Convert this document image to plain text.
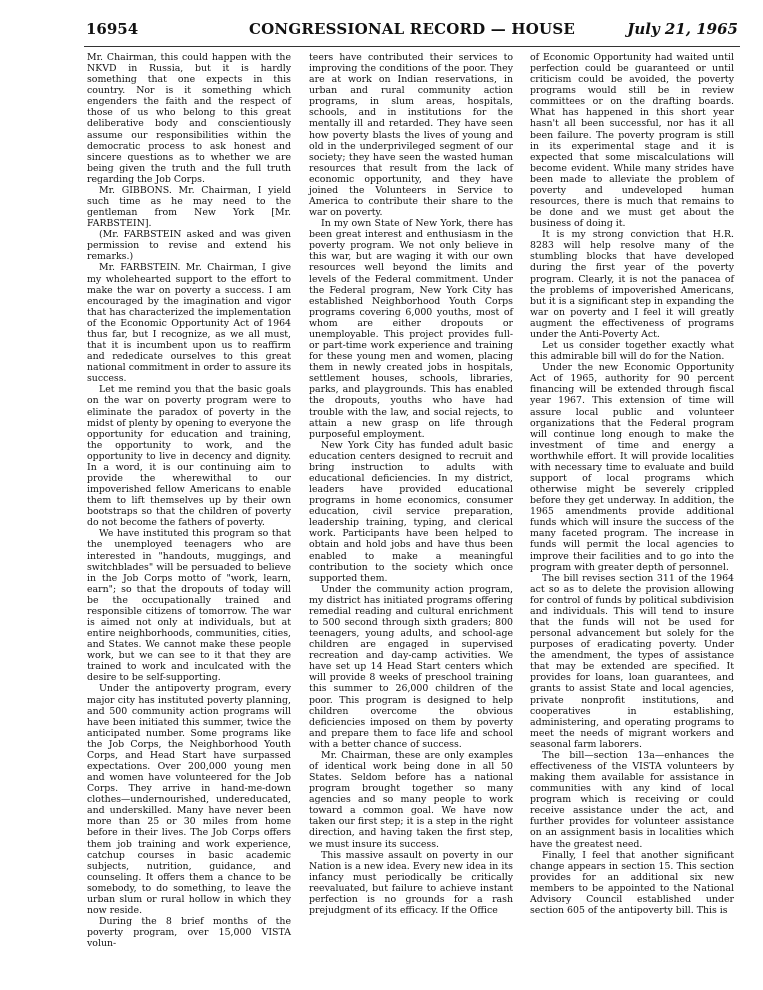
16954	CONGRESSIONAL RECORD — HOUSE	July 21, 1965

Mr. Chairman, this could happen with the NKVD in Russia, but it is hardly something that one expects in this country. Nor is it something which engenders the faith and the respect of those of us who belong to this great deliberative body and conscientiously assume our responsibilities within the democratic process to ask honest and sincere questions as to whether we are being given the truth and the full truth regarding the Job Corps.

Mr. GIBBONS. Mr. Chairman, I yield such time as he may need to the gentleman from New York [Mr. FARBSTEIN].

(Mr. FARBSTEIN asked and was given permission to revise and extend his remarks.)

Mr. FARBSTEIN. Mr. Chairman, I give my wholehearted support to the effort to make the war on poverty a success. I am encouraged by the imagination and vigor that has characterized the implementation of the Economic Opportunity Act of 1964 thus far, but I recognize, as we all must, that it is incumbent upon us to reaffirm and rededicate ourselves to this great national commitment in order to assure its success.

Let me remind you that the basic goals on the war on poverty program were to eliminate the paradox of poverty in the midst of plenty by opening to everyone the opportunity for education and training, the opportunity to work, and the opportunity to live in decency and dignity. In a word, it is our continuing aim to provide the wherewithal to our impoverished fellow Americans to enable them to lift themselves up by their own bootstraps so that the children of poverty do not become the fathers of poverty.

We have instituted this program so that the unemployed teenagers who are interested in "handouts, muggings, and switchblades" will be persuaded to believe in the Job Corps motto of "work, learn, earn"; so that the dropouts of today will be the occupationally trained and responsible citizens of tomorrow. The war is aimed not only at individuals, but at entire neighborhoods, communities, cities, and States. We cannot make these people work, but we can see to it that they are trained to work and inculcated with the desire to be self-supporting.

Under the antipoverty program, every major city has instituted poverty planning, and 500 community action programs will have been initiated this summer, twice the anticipated number. Some programs like the Job Corps, the Neighborhood Youth Corps, and Head Start have surpassed expectations. Over 200,000 young men and women have volunteered for the Job Corps. They arrive in hand-me-down clothes—undernourished, undereducated, and underskilled. Many have never been more than 25 or 30 miles from home before in their lives. The Job Corps offers them job training and work experience, catchup courses in basic academic subjects, nutrition, guidance, and counseling. It offers them a chance to be somebody, to do something, to leave the urban slum or rural hollow in which they now reside.

During the 8 brief months of the poverty program, over 15,000 VISTA volun-

teers have contributed their services to improving the conditions of the poor. They are at work on Indian reservations, in urban and rural community action programs, in slum areas, hospitals, schools, and in institutions for the mentally ill and retarded. They have seen how poverty blasts the lives of young and old in the underprivileged segment of our society; they have seen the wasted human resources that result from the lack of economic opportunity, and they have joined the Volunteers in Service to America to contribute their share to the war on poverty.

In my own State of New York, there has been great interest and enthusiasm in the poverty program. We not only believe in this war, but are waging it with our own resources well beyond the limits and levels of the Federal commitment. Under the Federal program, New York City has established Neighborhood Youth Corps programs covering 6,000 youths, most of whom are either dropouts or unemployable. This project provides full- or part-time work experience and training for these young men and women, placing them in newly created jobs in hospitals, settlement houses, schools, libraries, parks, and playgrounds. This has enabled the dropouts, youths who have had trouble with the law, and social rejects, to attain a new grasp on life through purposeful employment.

New York City has funded adult basic education centers designed to recruit and bring instruction to adults with educational deficiencies. In my district, leaders have provided educational programs in home economics, consumer education, civil service preparation, leadership training, typing, and clerical work. Participants have been helped to obtain and hold jobs and have thus been enabled to make a meaningful contribution to the society which once supported them.

Under the community action program, my district has initiated programs offering remedial reading and cultural enrichment to 500 second through sixth graders; 800 teenagers, young adults, and school-age children are engaged in supervised recreation and day-camp activities. We have set up 14 Head Start centers which will provide 8 weeks of preschool training this summer to 26,000 children of the poor. This program is designed to help children overcome the obvious deficiencies imposed on them by poverty and prepare them to face life and school with a better chance of success.

Mr. Chairman, these are only examples of identical work being done in all 50 States. Seldom before has a national program brought together so many agencies and so many people to work toward a common goal. We have now taken our first step; it is a step in the right direction, and having taken the first step, we must insure its success.

This massive assault on poverty in our Nation is a new idea. Every new idea in its infancy must periodically be critically reevaluated, but failure to achieve instant perfection is no grounds for a rash prejudgment of its efficacy. If the Office

of Economic Opportunity had waited until perfection could be guaranteed or until criticism could be avoided, the poverty programs would still be in review committees or on the drafting boards. What has happened in this short year hasn't all been successful, nor has it all been failure. The poverty program is still in its experimental stage and it is expected that some miscalculations will become evident. While many strides have been made to alleviate the problem of poverty and undeveloped human resources, there is much that remains to be done and we must get about the business of doing it.

It is my strong conviction that H.R. 8283 will help resolve many of the stumbling blocks that have developed during the first year of the poverty program. Clearly, it is not the panacea of the problems of impoverished Americans, but it is a significant step in expanding the war on poverty and I feel it will greatly augment the effectiveness of programs under the Anti-Poverty Act.

Let us consider together exactly what this admirable bill will do for the Nation.

Under the new Economic Opportunity Act of 1965, authority for 90 percent financing will be extended through fiscal year 1967. This extension of time will assure local public and volunteer organizations that the Federal program will continue long enough to make the investment of time and energy a worthwhile effort. It will provide localities with necessary time to evaluate and build support of local programs which otherwise might be severely crippled before they get underway. In addition, the 1965 amendments provide additional funds which will insure the success of the many faceted program. The increase in funds will permit the local agencies to improve their facilities and to go into the program with greater depth of personnel.

The bill revises section 311 of the 1964 act so as to delete the provision allowing for control of funds by political subdivision and individuals. This will tend to insure that the funds will not be used for personal advancement but solely for the purposes of eradicating poverty. Under the amendment, the types of assistance that may be extended are specified. It provides for loans, loan guarantees, and grants to assist State and local agencies, private nonprofit institutions, and cooperatives in establishing, administering, and operating programs to meet the needs of migrant workers and seasonal farm laborers.

The bill—section 13a—enhances the effectiveness of the VISTA volunteers by making them available for assistance in communities with any kind of local program which is receiving or could receive assistance under the act, and further provides for volunteer assistance on an assignment basis in localities which have the greatest need.

Finally, I feel that another significant change appears in section 15. This section provides for an additional six new members to be appointed to the National Advisory Council established under section 605 of the antipoverty bill. This is
